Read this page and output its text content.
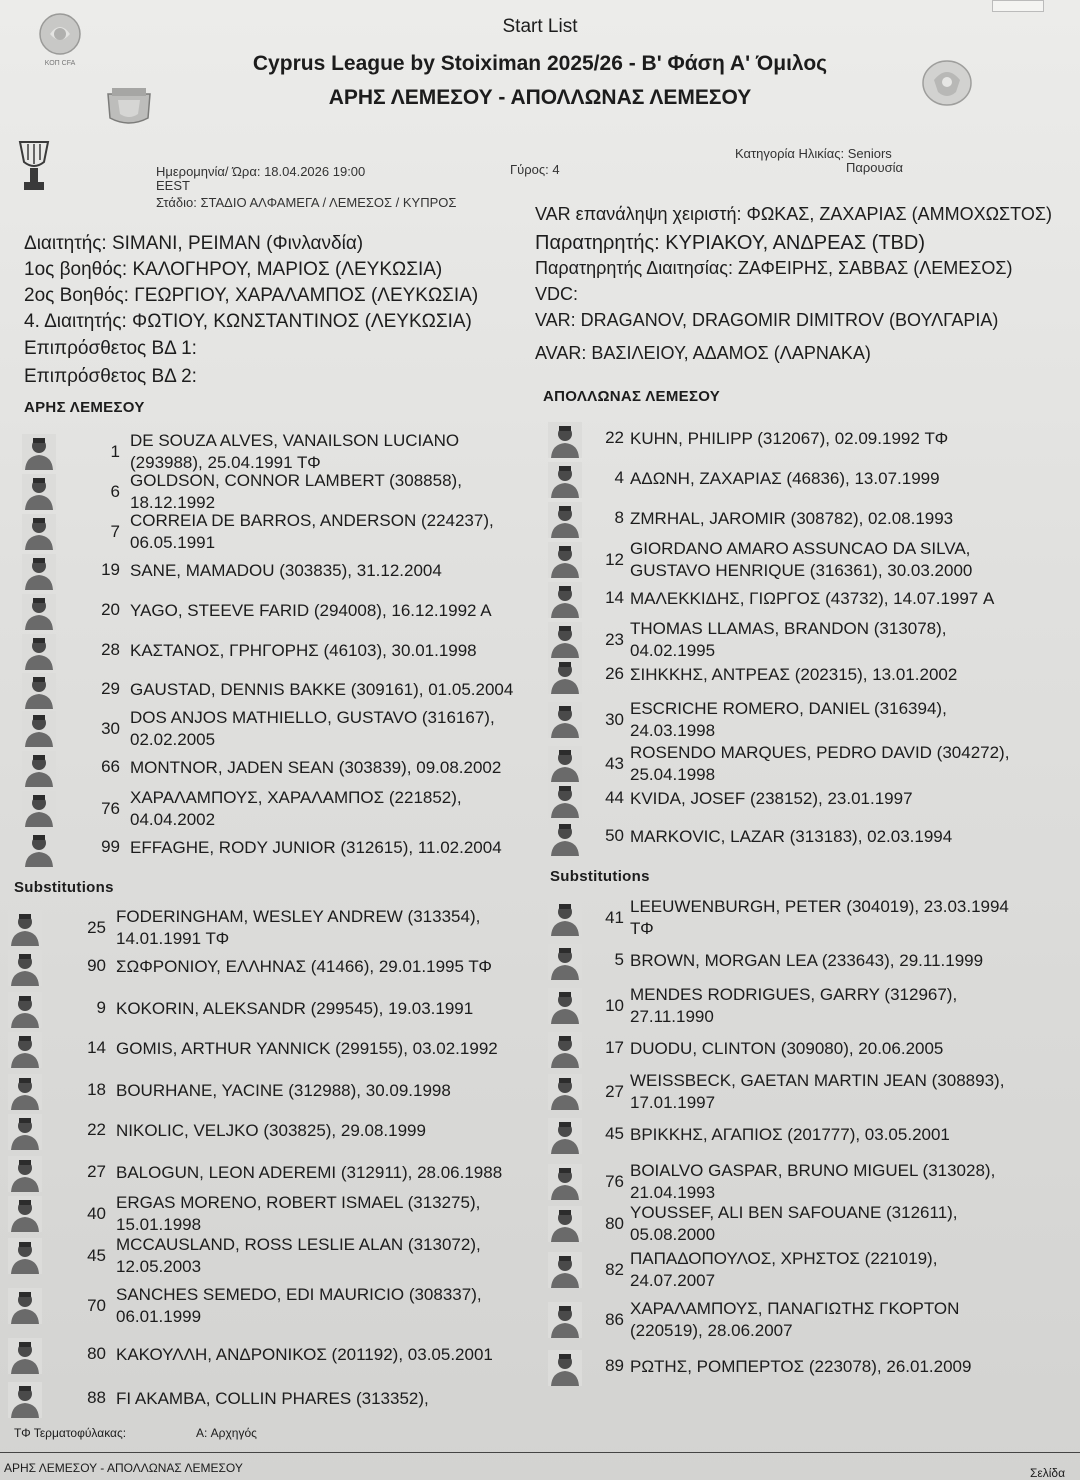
Start List
Cyprus League by Stoiximan 2025/26 - Β' Φάση Α' Όμιλος
ΑΡΗΣ ΛΕΜΕΣΟΥ - ΑΠΟΛΛΩΝΑΣ ΛΕΜΕΣΟΥ
ΚΟΠ CFA
Ημερομηνία/ Ώρα: 18.04.2026 19:00
EEST
Στάδιο: ΣΤΑΔΙΟ ΑΛΦΑΜΕΓΑ / ΛΕΜΕΣΟΣ / ΚΥΠΡΟΣ
Γύρος: 4
Κατηγορία Ηλικίας: Seniors
Παρουσία
Διαιτητής: SIMANI, PEIMAN (Φινλανδία)
1ος βοηθός: ΚΑΛΟΓΗΡΟΥ, ΜΑΡΙΟΣ (ΛΕΥΚΩΣΙΑ)
2ος Βοηθός: ΓΕΩΡΓΙΟΥ, ΧΑΡΑΛΑΜΠΟΣ (ΛΕΥΚΩΣΙΑ)
4. Διαιτητής: ΦΩΤΙΟΥ, ΚΩΝΣΤΑΝΤΙΝΟΣ (ΛΕΥΚΩΣΙΑ)
Επιπρόσθετος ΒΔ 1:
Επιπρόσθετος ΒΔ 2:
VAR επανάληψη χειριστή: ΦΩΚΑΣ, ΖΑΧΑΡΙΑΣ (ΑΜΜΟΧΩΣΤΟΣ)
Παρατηρητής: ΚΥΡΙΑΚΟΥ, ΑΝΔΡΕΑΣ (TBD)
Παρατηρητής Διαιτησίας: ΖΑΦΕΙΡΗΣ, ΣΑΒΒΑΣ (ΛΕΜΕΣΟΣ)
VDC:
VAR: DRAGANOV, DRAGOMIR DIMITROV (ΒΟΥΛΓΑΡΙΑ)
AVAR: ΒΑΣΙΛΕΙΟΥ, ΑΔΑΜΟΣ (ΛΑΡΝΑΚΑ)
ΑΡΗΣ ΛΕΜΕΣΟΥ
ΑΠΟΛΛΩΝΑΣ ΛΕΜΕΣΟΥ
Substitutions
Substitutions
1
DE SOUZA ALVES, VANAILSON LUCIANO
(293988), 25.04.1991 ΤΦ
6
GOLDSON, CONNOR LAMBERT (308858),
18.12.1992
7
CORREIA DE BARROS, ANDERSON (224237),
06.05.1991
19 SANE, MAMADOU (303835), 31.12.2004
20 YAGO, STEEVE FARID (294008), 16.12.1992 A
28 ΚΑΣΤΑΝΟΣ, ΓΡΗΓΟΡΗΣ (46103), 30.01.1998
29 GAUSTAD, DENNIS BAKKE (309161), 01.05.2004
30
DOS ANJOS MATHIELLO, GUSTAVO (316167),
02.02.2005
66 MONTNOR, JADEN SEAN (303839), 09.08.2002
76
ΧΑΡΑΛΑΜΠΟΥΣ, ΧΑΡΑΛΑΜΠΟΣ (221852),
04.04.2002
99 EFFAGHE, RODY JUNIOR (312615), 11.02.2004
25
FODERINGHAM, WESLEY ANDREW (313354),
14.01.1991 ΤΦ
90 ΣΩΦΡΟΝΙΟΥ, ΕΛΛΗΝΑΣ (41466), 29.01.1995 ΤΦ
9 KOKORIN, ALEKSANDR (299545), 19.03.1991
14 GOMIS, ARTHUR YANNICK (299155), 03.02.1992
18 BOURHANE, YACINE (312988), 30.09.1998
22 NIKOLIC, VELJKO (303825), 29.08.1999
27 BALOGUN, LEON ADEREMI (312911), 28.06.1988
40
ERGAS MORENO, ROBERT ISMAEL (313275),
15.01.1998
45
MCCAUSLAND, ROSS LESLIE ALAN (313072),
12.05.2003
70
SANCHES SEMEDO, EDI MAURICIO (308337),
06.01.1999
80 ΚΑΚΟΥΛΛΗ, ΑΝΔΡΟΝΙΚΟΣ (201192), 03.05.2001
88 FI AKAMBA, COLLIN PHARES (313352),
22 KUHN, PHILIPP (312067), 02.09.1992 ΤΦ
4 ΑΔΩΝΗ, ΖΑΧΑΡΙΑΣ (46836), 13.07.1999
8 ZMRHAL, JAROMIR (308782), 02.08.1993
12
GIORDANO AMARO ASSUNCAO DA SILVA,
GUSTAVO HENRIQUE (316361), 30.03.2000
14 ΜΑΛΕΚΚΙΔΗΣ, ΓΙΩΡΓΟΣ (43732), 14.07.1997 A
23
THOMAS LLAMAS, BRANDON (313078),
04.02.1995
26 ΣΙΗΚΚΗΣ, ΑΝΤΡΕΑΣ (202315), 13.01.2002
30
ESCRICHE ROMERO, DANIEL (316394),
24.03.1998
43
ROSENDO MARQUES, PEDRO DAVID (304272),
25.04.1998
44 KVIDA, JOSEF (238152), 23.01.1997
50 MARKOVIC, LAZAR (313183), 02.03.1994
41
LEEUWENBURGH, PETER (304019), 23.03.1994
ΤΦ
5 BROWN, MORGAN LEA (233643), 29.11.1999
10
MENDES RODRIGUES, GARRY (312967),
27.11.1990
17 DUODU, CLINTON (309080), 20.06.2005
27
WEISSBECK, GAETAN MARTIN JEAN (308893),
17.01.1997
45 ΒΡΙΚΚΗΣ, ΑΓΑΠΙΟΣ (201777), 03.05.2001
76
BOIALVO GASPAR, BRUNO MIGUEL (313028),
21.04.1993
80
YOUSSEF, ALI BEN SAFOUANE (312611),
05.08.2000
82
ΠΑΠΑΔΟΠΟΥΛΟΣ, ΧΡΗΣΤΟΣ (221019),
24.07.2007
86
ΧΑΡΑΛΑΜΠΟΥΣ, ΠΑΝΑΓΙΩΤΗΣ ΓΚΟΡΤΟΝ
(220519), 28.06.2007
89 ΡΩΤΗΣ, ΡΟΜΠΕΡΤΟΣ (223078), 26.01.2009
ΤΦ Τερματοφύλακας:	A: Αρχηγός
ΑΡΗΣ ΛΕΜΕΣΟΥ - ΑΠΟΛΛΩΝΑΣ ΛΕΜΕΣΟΥ	Σελίδα
